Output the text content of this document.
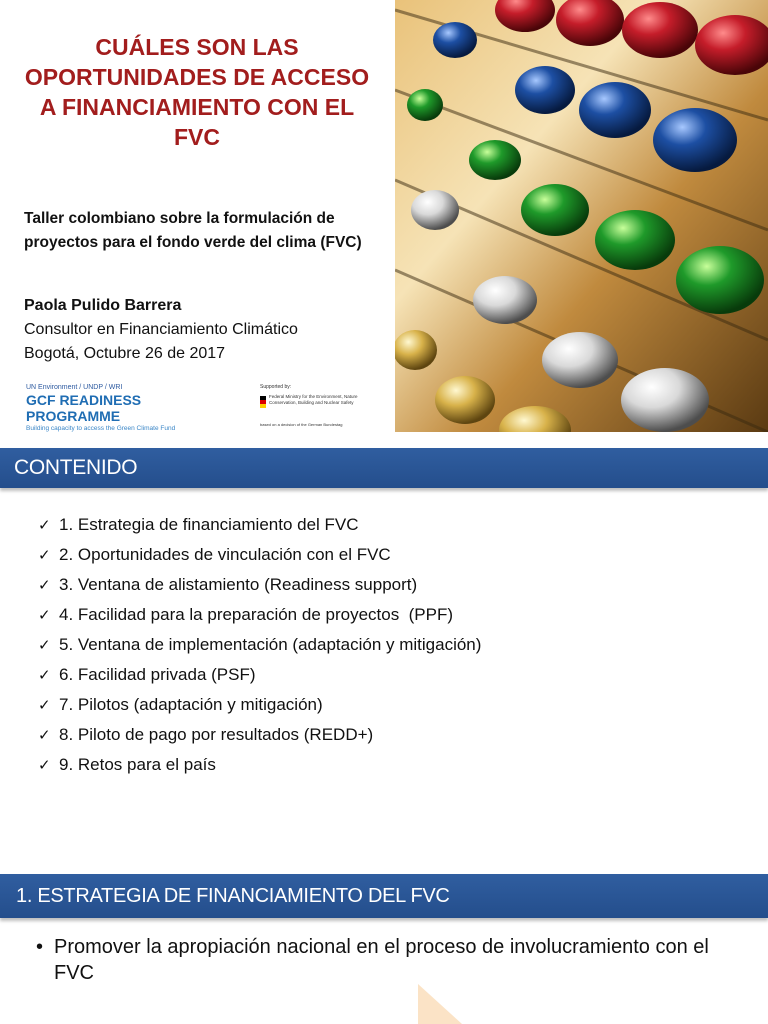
CUÁLES SON LAS OPORTUNIDADES DE ACCESO A FINANCIAMIENTO CON EL FVC
Taller colombiano sobre la formulación de proyectos para el fondo verde del clima (FVC)
Paola Pulido Barrera
Consultor en Financiamiento Climático
Bogotá, Octubre 26 de 2017
UN Environment / UNDP / WRI
GCF READINESS
PROGRAMME
Building capacity to access the Green Climate Fund
Supported by:
Federal Ministry for the Environment, Nature Conservation, Building and Nuclear Safety
based on a decision of the German Bundestag
CONTENIDO
✓ 1. Estrategia de financiamiento del FVC
✓ 2. Oportunidades de vinculación con el FVC
✓ 3. Ventana de alistamiento (Readiness support)
✓ 4. Facilidad para la preparación de proyectos  (PPF)
✓ 5. Ventana de implementación (adaptación y mitigación)
✓ 6. Facilidad privada (PSF)
✓ 7. Pilotos (adaptación y mitigación)
✓ 8. Piloto de pago por resultados (REDD+)
✓ 9. Retos para el país
1. ESTRATEGIA DE FINANCIAMIENTO DEL FVC
• Promover la apropiación nacional en el proceso de involucramiento con el FVC
